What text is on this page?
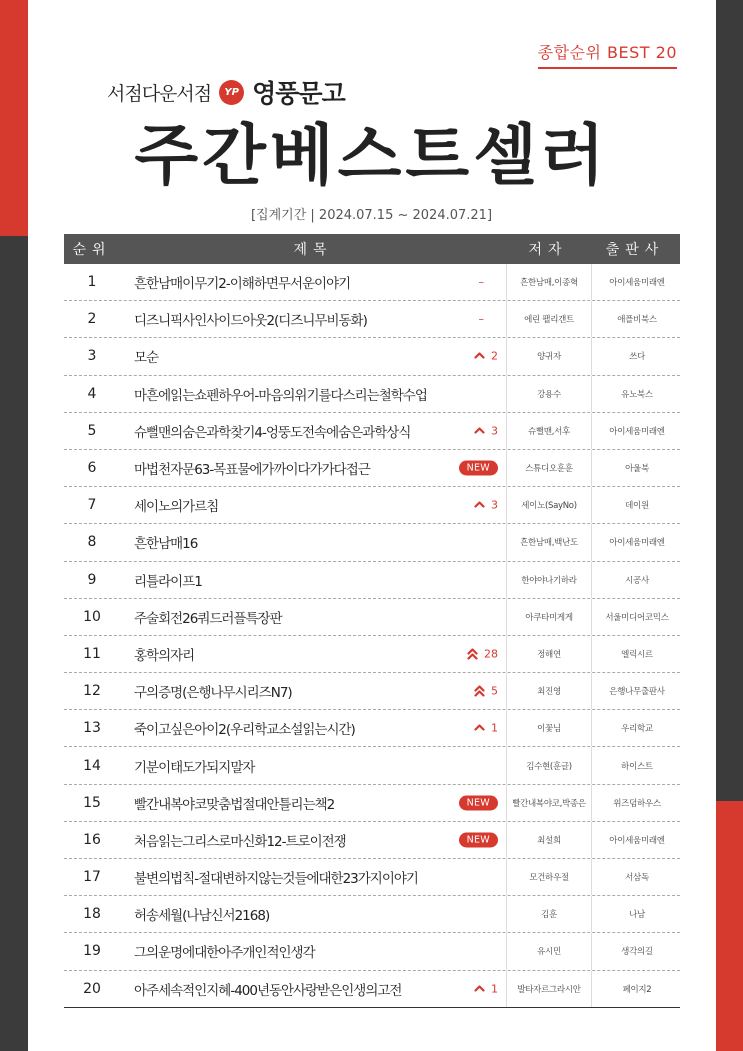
종합순위 BEST 20
서점다운서점	YP 영풍문고
주간베스트셀러
[집계기간 | 2024.07.15 ~ 2024.07.21]
순위	제목	저자	출판사
1	흔한남매이무기2-이해하면무서운이야기	–	흔한남매,이종혁	아이세움미래엔
2	디즈니픽사인사이드아웃2(디즈니무비동화)	–	에린 팰리갠트	애플비북스
3	모순	2	양귀자	쓰다
4	마흔에읽는쇼펜하우어-마음의위기를다스리는철학수업	강용수	유노북스
5	슈뻘맨의숨은과학찾기4-엉뚱도전속에숨은과학상식	3	슈뻘맨,서후	아이세움미래엔
6	마법천자문63-목표물에가까이다가가다접근	NEW	스튜디오훈훈	아울북
7	세이노의가르침	3	세이노(SayNo)	데이원
8	흔한남매16	흔한남매,백난도	아이세움미래엔
9	리틀라이프1	한야야나기하라	시공사
10	주술회전26쿼드러플특장판	아쿠타미게게	서울미디어코믹스
11	홍학의자리	28	정해연	엘릭시르
12	구의증명(은행나무시리즈N7)	5	최진영	은행나무출판사
13	죽이고싶은아이2(우리학교소설읽는시간)	1	이꽃님	우리학교
14	기분이태도가되지말자	김수현(훈글)	하이스트
15	빨간내복야코맞춤법절대안틀리는책2	NEW	빨간내복야코,박종은	위즈덤하우스
16	처음읽는그리스로마신화12-트로이전쟁	NEW	최설희	아이세움미래엔
17	불변의법칙-절대변하지않는것들에대한23가지이야기	모건하우절	서삼독
18	허송세월(나남신서2168)	김훈	나남
19	그의운명에대한아주개인적인생각	유시민	생각의길
20	아주세속적인지혜-400년동안사랑받은인생의고전	1	발타자르그라시안	페이지2
